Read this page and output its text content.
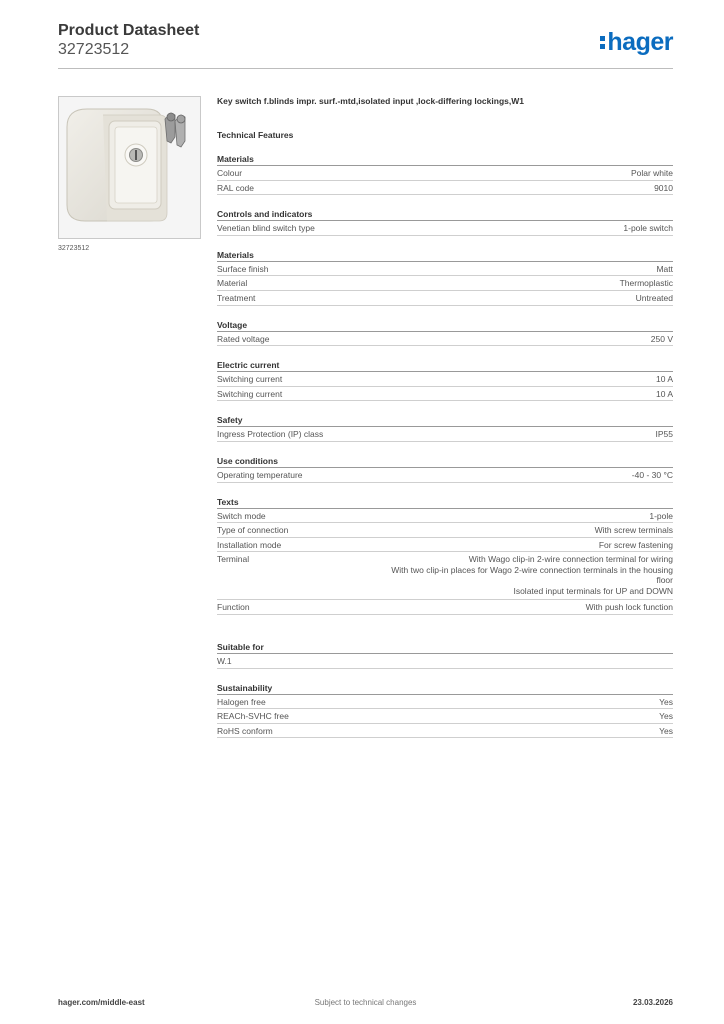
Product Datasheet
32723512	hager
32723512
Key switch f.blinds impr. surf.-mtd,isolated input ,lock-differing lockings,W1
Technical Features
Materials
Colour	Polar white
RAL code	9010
Controls and indicators
Venetian blind switch type	1-pole switch
Materials
Surface finish	Matt
Material	Thermoplastic
Treatment	Untreated
Voltage
Rated voltage	250 V
Electric current
Switching current	10 A
Switching current	10 A
Safety
Ingress Protection (IP) class	IP55
Use conditions
Operating temperature	-40 - 30 °C
Texts
Switch mode	1-pole
Type of connection	With screw terminals
Installation mode	For screw fastening
Terminal	With Wago clip-in 2-wire connection terminal for wiring
With two clip-in places for Wago 2-wire connection terminals in the housing
floor
Isolated input terminals for UP and DOWN
Function	With push lock function
Suitable for
W.1
Sustainability
Halogen free	Yes
REACh-SVHC free	Yes
RoHS conform	Yes
hager.com/middle-east	Subject to technical changes	23.03.2026
